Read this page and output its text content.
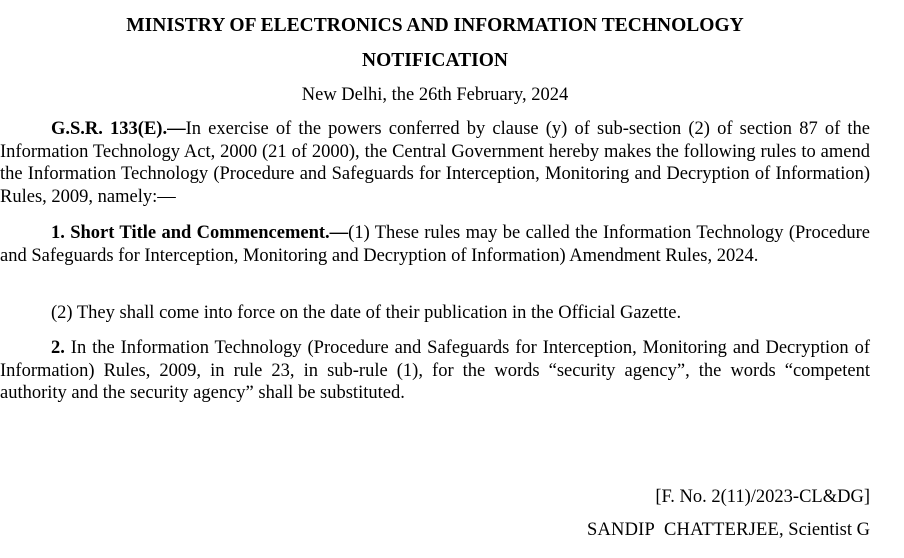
MINISTRY OF ELECTRONICS AND INFORMATION TECHNOLOGY
NOTIFICATION
New Delhi, the 26th February, 2024

G.S.R. 133(E).—In exercise of the powers conferred by clause (y) of sub-section (2) of section 87 of the Information Technology Act, 2000 (21 of 2000), the Central Government hereby makes the following rules to amend the Information Technology (Procedure and Safeguards for Interception, Monitoring and Decryption of Information) Rules, 2009, namely:—

1. Short Title and Commencement.—(1) These rules may be called the Information Technology (Procedure and Safeguards for Interception, Monitoring and Decryption of Information) Amendment Rules, 2024.

(2) They shall come into force on the date of their publication in the Official Gazette.

2. In the Information Technology (Procedure and Safeguards for Interception, Monitoring and Decryption of Information) Rules, 2009, in rule 23, in sub-rule (1), for the words “security agency”, the words “competent authority and the security agency” shall be substituted.

[F. No. 2(11)/2023-CL&DG]
SANDIP  CHATTERJEE, Scientist G
